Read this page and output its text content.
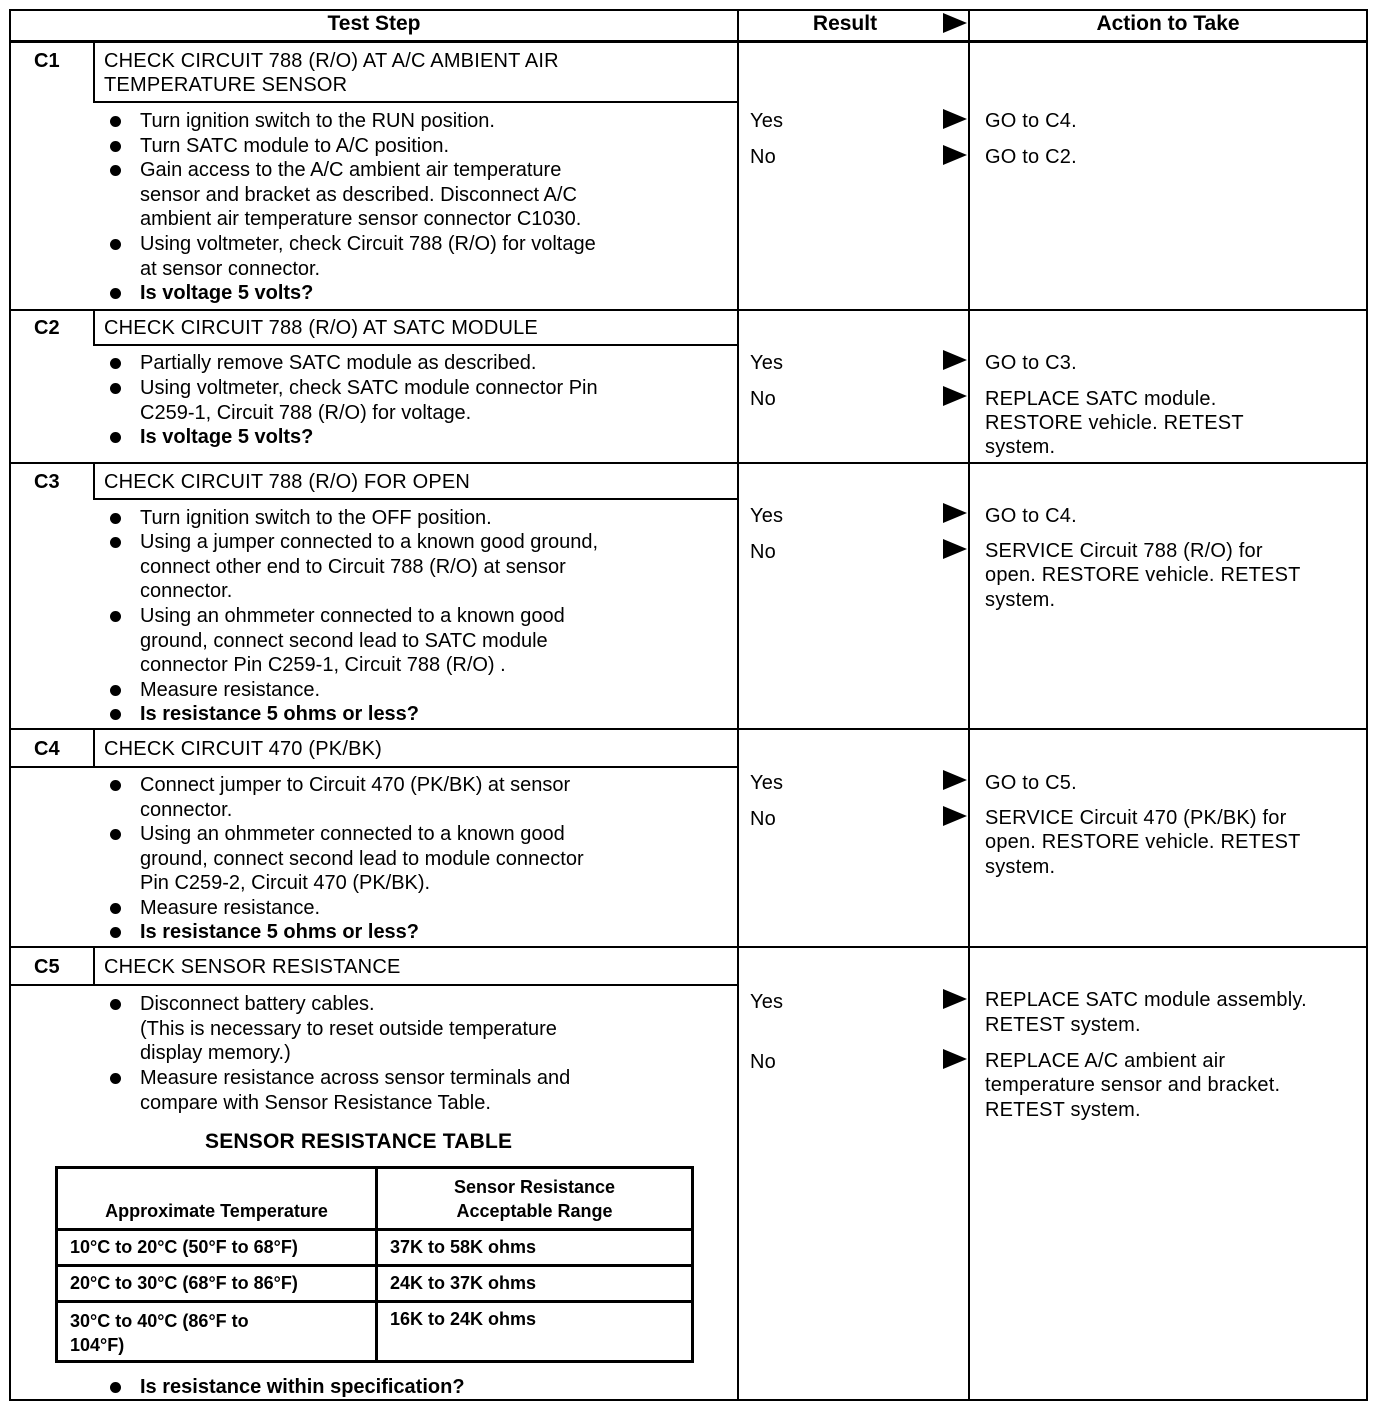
Test Step	Result	Action to Take
C1 CHECK CIRCUIT 788 (R/O) AT A/C AMBIENT AIR
TEMPERATURE SENSOR
Turn ignition switch to the RUN position.
Turn SATC module to A/C position.
Gain access to the A/C ambient air temperature
sensor and bracket as described. Disconnect A/C
ambient air temperature sensor connector C1030.
Using voltmeter, check Circuit 788 (R/O) for voltage
at sensor connector.
Is voltage 5 volts?
Yes	GO to C4.
No	GO to C2.
C2 CHECK CIRCUIT 788 (R/O) AT SATC MODULE
Partially remove SATC module as described.
Using voltmeter, check SATC module connector Pin
C259-1, Circuit 788 (R/O) for voltage.
Is voltage 5 volts?
Yes	GO to C3.
No	REPLACE SATC module.
RESTORE vehicle. RETEST
system.
C3 CHECK CIRCUIT 788 (R/O) FOR OPEN
Turn ignition switch to the OFF position.
Using a jumper connected to a known good ground,
connect other end to Circuit 788 (R/O) at sensor
connector.
Using an ohmmeter connected to a known good
ground, connect second lead to SATC module
connector Pin C259-1, Circuit 788 (R/O) .
Measure resistance.
Is resistance 5 ohms or less?
Yes	GO to C4.
No	SERVICE Circuit 788 (R/O) for
open. RESTORE vehicle. RETEST
system.
C4 CHECK CIRCUIT 470 (PK/BK)
Connect jumper to Circuit 470 (PK/BK) at sensor
connector.
Using an ohmmeter connected to a known good
ground, connect second lead to module connector
Pin C259-2, Circuit 470 (PK/BK).
Measure resistance.
Is resistance 5 ohms or less?
Yes	GO to C5.
No	SERVICE Circuit 470 (PK/BK) for
open. RESTORE vehicle. RETEST
system.
C5 CHECK SENSOR RESISTANCE
Disconnect battery cables.
(This is necessary to reset outside temperature
display memory.)
Measure resistance across sensor terminals and
compare with Sensor Resistance Table.
SENSOR RESISTANCE TABLE
Approximate Temperature	Sensor Resistance
Acceptable Range

10°C to 20°C (50°F to 68°F)	37K to 58K ohms
20°C to 30°C (68°F to 86°F)	24K to 37K ohms

30°C to 40°C (86°F to
104°F)	16K to 24K ohms
Is resistance within specification?
Yes	REPLACE SATC module assembly.
RETEST system.
No	REPLACE A/C ambient air
temperature sensor and bracket.
RETEST system.
